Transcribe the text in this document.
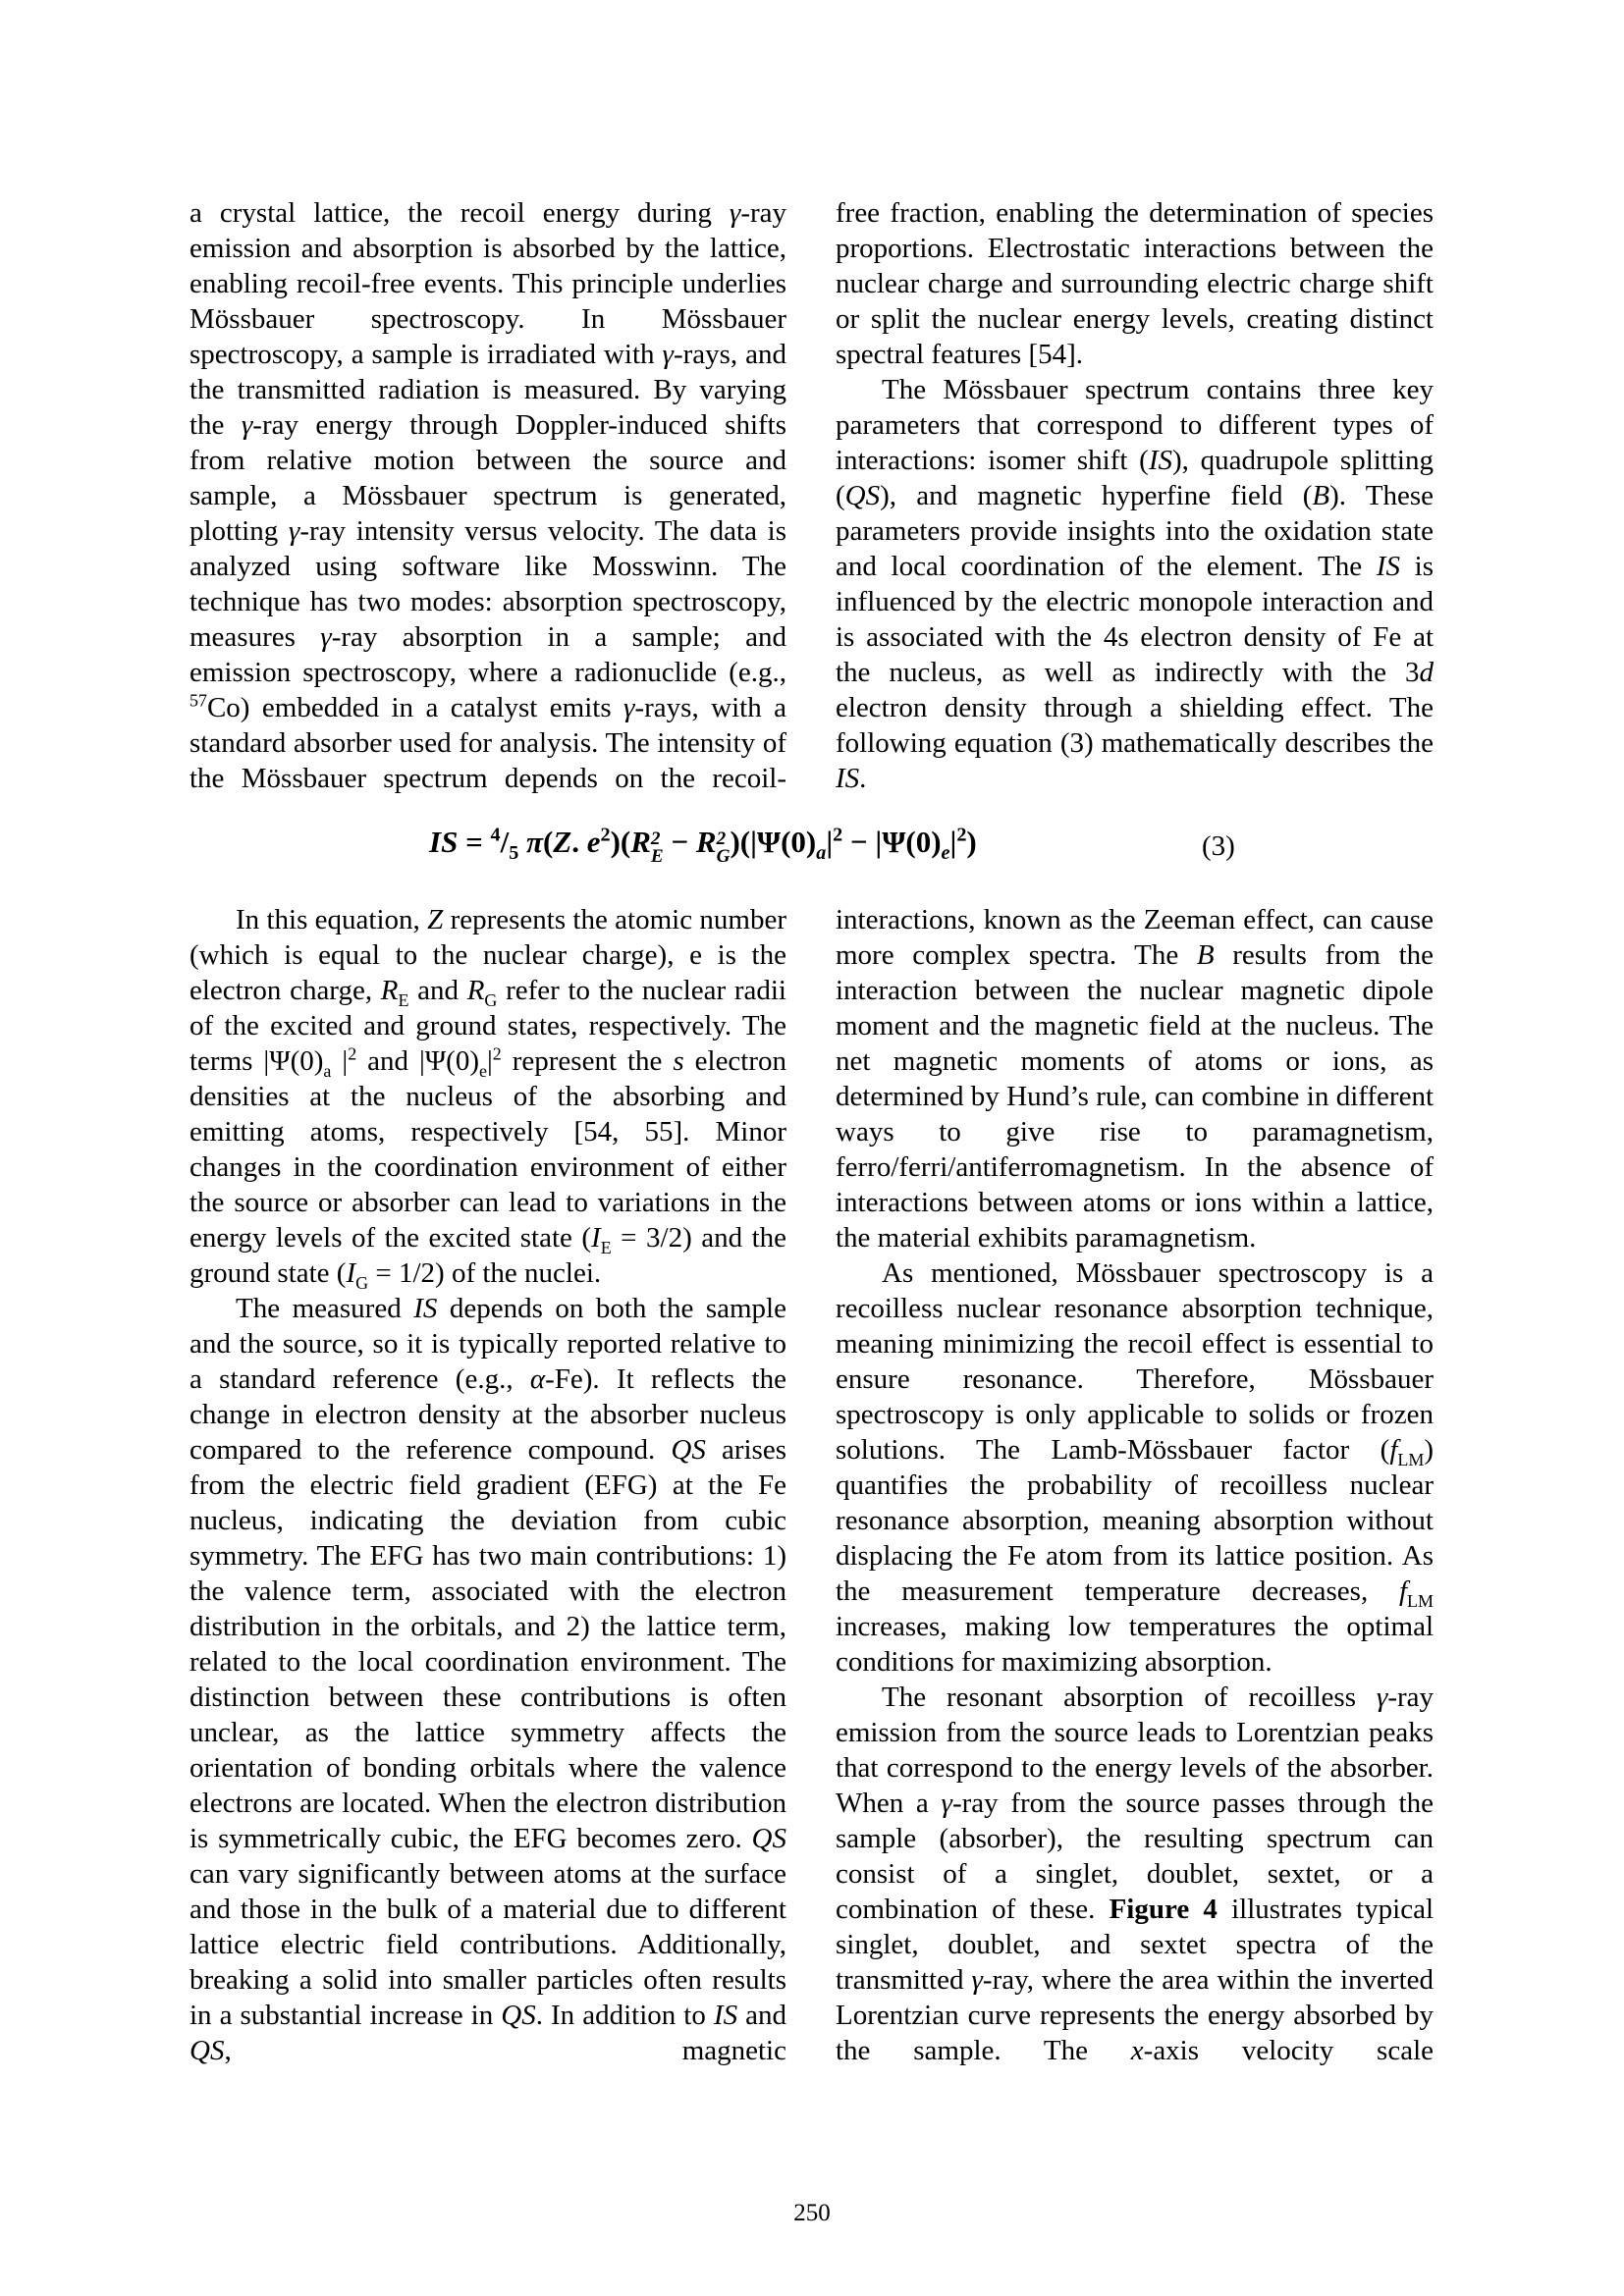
a crystal lattice, the recoil energy during γ-ray emission and absorption is absorbed by the lattice, enabling recoil-free events. This principle underlies Mössbauer spectroscopy. In Mössbauer spectroscopy, a sample is irradiated with γ-rays, and the transmitted radiation is measured. By varying the γ-ray energy through Doppler-induced shifts from relative motion between the source and sample, a Mössbauer spectrum is generated, plotting γ-ray intensity versus velocity. The data is analyzed using software like Mosswinn. The technique has two modes: absorption spectroscopy, measures γ-ray absorption in a sample; and emission spectroscopy, where a radionuclide (e.g., $^{57}$Co) embedded in a catalyst emits γ-rays, with a standard absorber used for analysis. The intensity of the Mössbauer spectrum depends on the recoil-
free fraction, enabling the determination of species proportions. Electrostatic interactions between the nuclear charge and surrounding electric charge shift or split the nuclear energy levels, creating distinct spectral features [54].
The Mössbauer spectrum contains three key parameters that correspond to different types of interactions: isomer shift (IS), quadrupole splitting (QS), and magnetic hyperfine field (B). These parameters provide insights into the oxidation state and local coordination of the element. The IS is influenced by the electric monopole interaction and is associated with the 4s electron density of Fe at the nucleus, as well as indirectly with the 3d electron density through a shielding effect. The following equation (3) mathematically describes the IS.
IS = $^4/_5$ π(Z. $e^2)(R$ 2
E − R 2
G )$(|\Psi(0)_a|^2 - |\Psi(0)_e|^2)$	(3)
In this equation, Z represents the atomic number (which is equal to the nuclear charge), e is the electron charge, $R_E$ and $R_G$ refer to the nuclear radii of the excited and ground states, respectively. The terms $|\Psi(0)_a$ $|^2$ and $|\Psi(0)_e|^2$ represent the s electron densities at the nucleus of the absorbing and emitting atoms, respectively [54, 55]. Minor changes in the coordination environment of either the source or absorber can lead to variations in the energy levels of the excited state $(I_E = 3/2)$ and the ground state $(I_G = 1/2)$ of the nuclei.
The measured IS depends on both the sample and the source, so it is typically reported relative to a standard reference (e.g., α-Fe). It reflects the change in electron density at the absorber nucleus compared to the reference compound. QS arises from the electric field gradient (EFG) at the Fe nucleus, indicating the deviation from cubic symmetry. The EFG has two main contributions: 1) the valence term, associated with the electron distribution in the orbitals, and 2) the lattice term, related to the local coordination environment. The distinction between these contributions is often unclear, as the lattice symmetry affects the orientation of bonding orbitals where the valence electrons are located. When the electron distribution is symmetrically cubic, the EFG becomes zero. QS can vary significantly between atoms at the surface and those in the bulk of a material due to different lattice electric field contributions. Additionally, breaking a solid into smaller particles often results in a substantial increase in QS. In addition to IS and QS, magnetic
interactions, known as the Zeeman effect, can cause more complex spectra. The B results from the interaction between the nuclear magnetic dipole moment and the magnetic field at the nucleus. The net magnetic moments of atoms or ions, as determined by Hund’s rule, can combine in different ways to give rise to paramagnetism, ferro/ferri/antiferromagnetism. In the absence of interactions between atoms or ions within a lattice, the material exhibits paramagnetism.
As mentioned, Mössbauer spectroscopy is a recoilless nuclear resonance absorption technique, meaning minimizing the recoil effect is essential to ensure resonance. Therefore, Mössbauer spectroscopy is only applicable to solids or frozen solutions. The Lamb-Mössbauer factor $(f_{LM})$ quantifies the probability of recoilless nuclear resonance absorption, meaning absorption without displacing the Fe atom from its lattice position. As the measurement temperature decreases, $f_{LM}$ increases, making low temperatures the optimal conditions for maximizing absorption.
The resonant absorption of recoilless γ-ray emission from the source leads to Lorentzian peaks that correspond to the energy levels of the absorber. When a γ-ray from the source passes through the sample (absorber), the resulting spectrum can consist of a singlet, doublet, sextet, or a combination of these. Figure 4 illustrates typical singlet, doublet, and sextet spectra of the transmitted γ-ray, where the area within the inverted Lorentzian curve represents the energy absorbed by the sample. The x-axis velocity scale
250
